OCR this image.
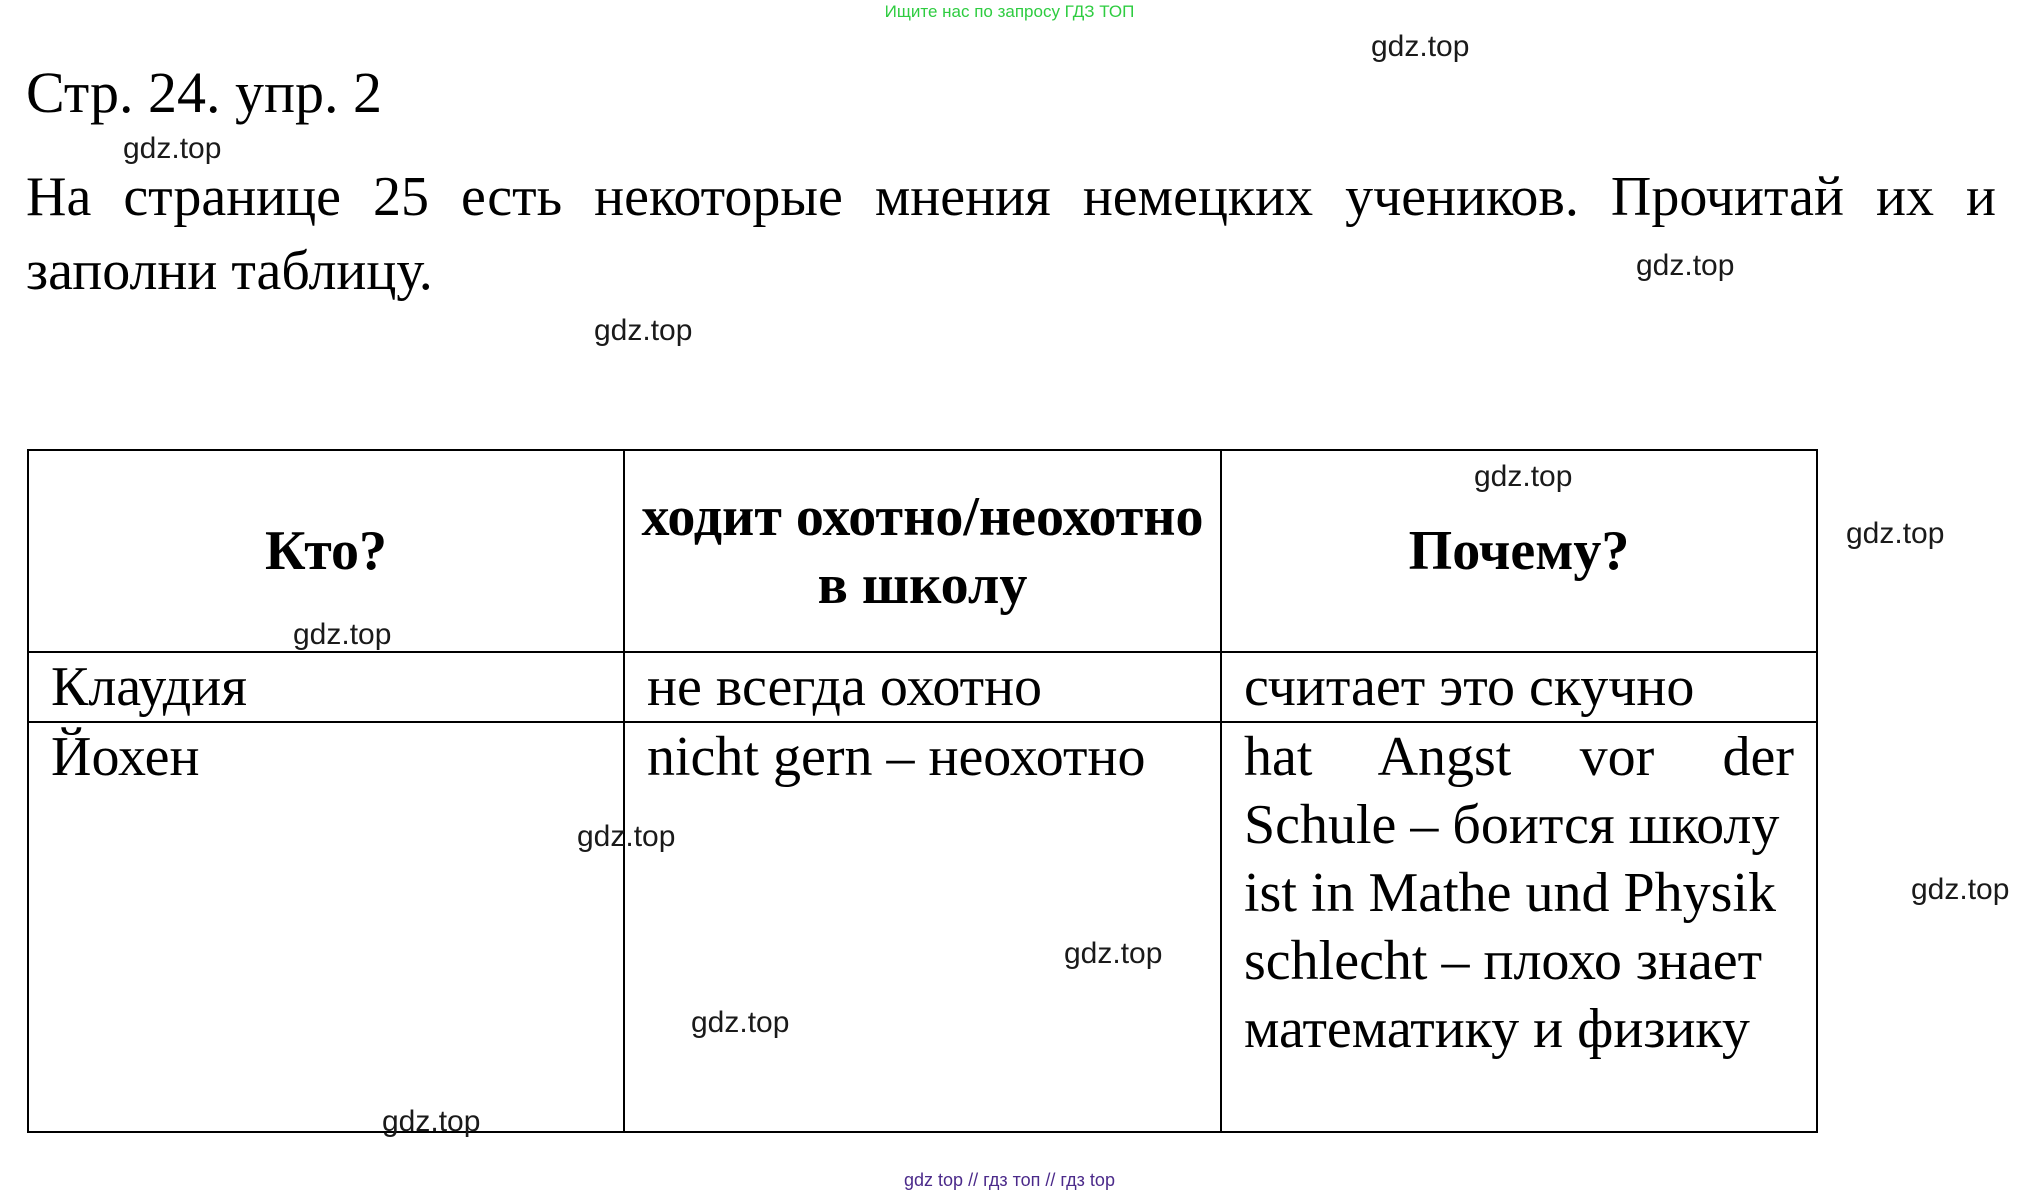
Ищите нас по запросу ГДЗ ТОП
Стр. 24. упр. 2

На странице 25 есть некоторые мнения немецких учеников. Прочитай их и заполни таблицу.

Кто?	ходит охотно/неохотно в школу	Почему?
Клаудия	не всегда охотно	считает это скучно
Йохен	nicht gern – неохотно	hat Angst vor der Schule – боится школу
ist in Mathe und Physik schlecht – плохо знает математику и физику
gdz.top
gdz.top
gdz.top
gdz.top
gdz.top
gdz.top
gdz.top
gdz.top
gdz.top
gdz.top
gdz.top
gdz.top
gdz top // гдз топ // гдз top
